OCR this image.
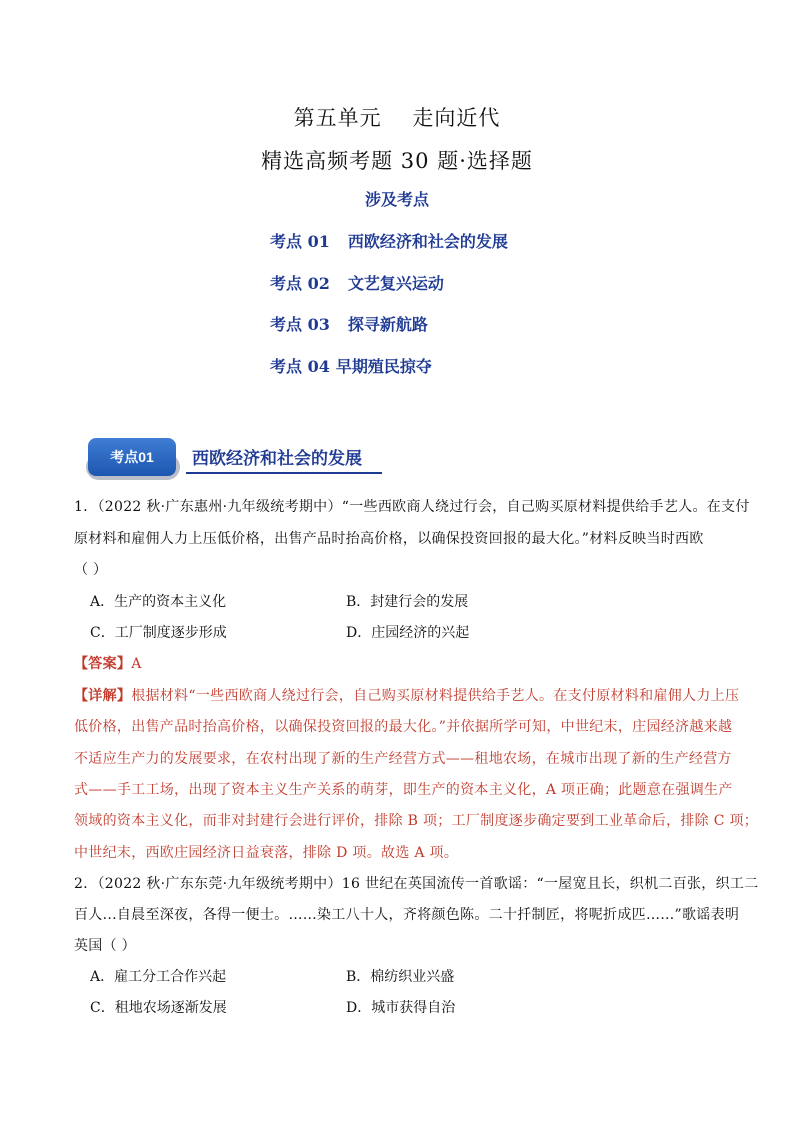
第五单元    走向近代
精选高频考题 30 题·选择题
涉及考点
考点 01 西欧经济和社会的发展
考点 02 文艺复兴运动
考点 03 探寻新航路
考点 04 早期殖民掠夺
考点01	西欧经济和社会的发展
1．（2022 秋·广东惠州·九年级统考期中）“一些西欧商人绕过行会，自己购买原材料提供给手艺人。在支付
原材料和雇佣人力上压低价格，出售产品时抬高价格，以确保投资回报的最大化。”材料反映当时西欧
（ ）
A．生产的资本主义化	B．封建行会的发展
C．工厂制度逐步形成	D．庄园经济的兴起
【答案】A
【详解】根据材料“一些西欧商人绕过行会，自己购买原材料提供给手艺人。在支付原材料和雇佣人力上压
低价格，出售产品时抬高价格，以确保投资回报的最大化。”并依据所学可知，中世纪末，庄园经济越来越
不适应生产力的发展要求，在农村出现了新的生产经营方式——租地农场，在城市出现了新的生产经营方
式——手工工场，出现了资本主义生产关系的萌芽，即生产的资本主义化，A 项正确；此题意在强调生产
领域的资本主义化，而非对封建行会进行评价，排除 B 项；工厂制度逐步确定要到工业革命后，排除 C 项；
中世纪末，西欧庄园经济日益衰落，排除 D 项。故选 A 项。
2．（2022 秋·广东东莞·九年级统考期中）16 世纪在英国流传一首歌谣：“一屋宽且长，织机二百张，织工二
百人...自晨至深夜，各得一便士。……染工八十人，齐将颜色陈。二十扦制匠，将呢折成匹……”歌谣表明
英国（ ）
A．雇工分工合作兴起	B．棉纺织业兴盛
C．租地农场逐渐发展	D．城市获得自治
